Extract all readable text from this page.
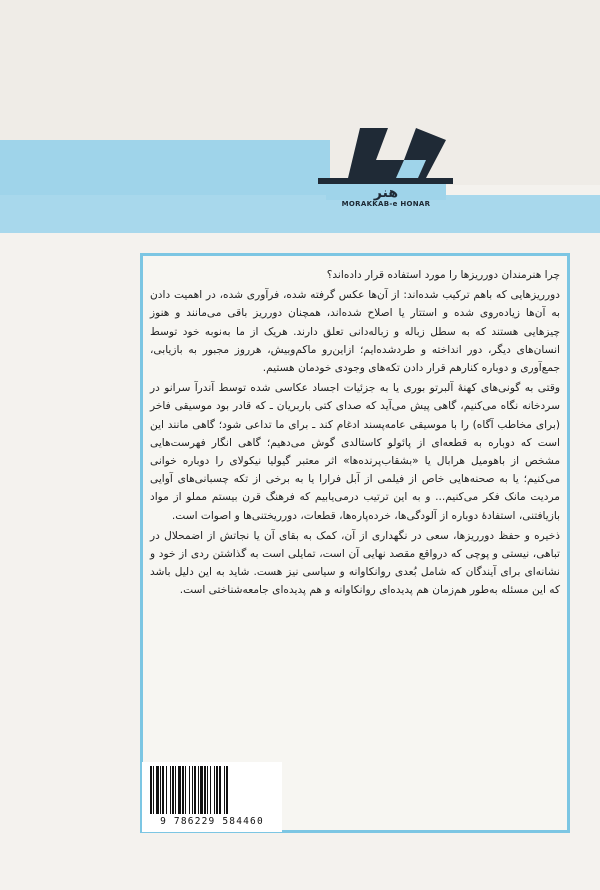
هنر
MORAKKAB-e HONAR

چرا هنرمندان دورریزها را مورد استفاده قرار داده‌اند؟

دورریزهایی که باهم ترکیب شده‌اند: از آن‌ها عکس گرفته شده، فرآوری شده، در اهمیت دادن به آن‌ها زیاده‌روی شده و استتار یا اصلاح شده‌اند، همچنان دورریز باقی می‌مانند و هنوز چیزهایی هستند که به سطل زباله و زباله‌دانی تعلق دارند. هریک از ما به‌نوبه خود توسط انسان‌های دیگر، دور انداخته و طردشده‌ایم؛ ازاین‌رو ماکم‌وبیش، هرروز مجبور به بازیابی، جمع‌آوری و دوباره کنارهم قرار دادن تکه‌های وجودی خودمان هستیم.

وقتی به گونی‌های کهنهٔ آلبرتو بوری یا به جزئیات اجساد عکاسی شده توسط آندرآ سرانو در سردخانه نگاه می‌کنیم، گاهی پیش می‌آید که صدای کتی باربریان ـ که قادر بود موسیقی فاخر (برای مخاطب آگاه) را با موسیقی عامه‌پسند ادغام کند ـ برای ما تداعی شود؛ گاهی مانند این است که دوباره به قطعه‌ای از پائولو کاستالدی گوش می‌دهیم؛ گاهی انگار فهرست‌هایی مشخص از باهومیل هرابال یا «بشقاب‌پرنده‌ها» اثر معتبر گیولیا نیکولای را دوباره خوانی می‌کنیم؛ یا به صحنه‌هایی خاص از فیلمی از آبل فرارا یا به برخی از تکه چسبانی‌های آوایی مردیت مانک فکر می‌کنیم... و به این ترتیب درمی‌یابیم که فرهنگ قرن بیستم مملو از مواد بازیافتنی، استفادهٔ دوباره از آلودگی‌ها، خرده‌پاره‌ها، قطعات، دورریختنی‌ها و اصوات است.

ذخیره و حفظ دورریزها، سعی در نگهداری از آن، کمک به بقای آن یا نجاتش از اضمحلال در تباهی، نیستی و پوچی که درواقع مقصد نهایی آن است، تمایلی است به گذاشتن ردی از خود و نشانه‌ای برای آیندگان که شامل بُعدی روانکاوانه و سیاسی نیز هست. شاید به این دلیل باشد که این مسئله به‌طور هم‌زمان هم پدیده‌ای روانکاوانه و هم پدیده‌ای جامعه‌شناختی است.

9 786229 584460
